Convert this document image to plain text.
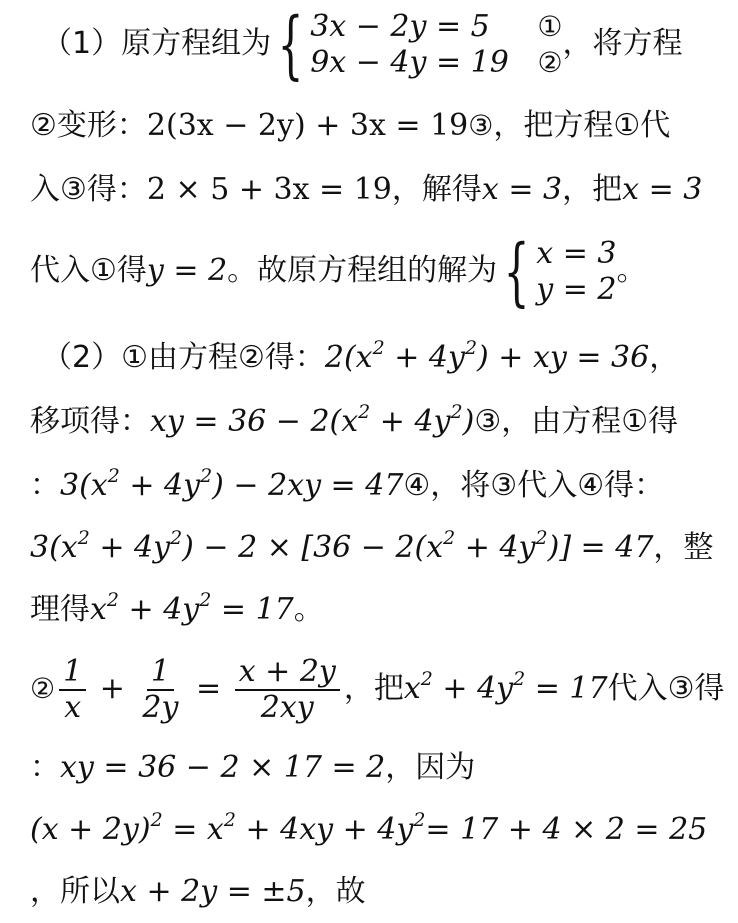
（1）原方程组为 { 3x − 2y = 5 ①
9x − 4y = 19 ②
，将方程
②变形：2(3x − 2y) + 3x = 19③，把方程①代
入③得：2 × 5 + 3x = 19，解得x = 3，把x = 3
代入①得y = 2。故原方程组的解为 { x = 3
y = 2
。
（2）①由方程②得：$2(x^2 + 4y^2)$ + xy = 36，
移项得：xy = $36 - 2(x^2$ + $4y^2)③$，由方程①得
：$3(x^2 + 4y^2) - 2xy$ = 47④，将③代入④得：
$3(x^2 + 4y^2) - 2 \times [36 - 2(x^2 + 4y^2)] = 47$，整
理得$x^2 + 4y^2 = 17$。
② $\frac{1}{x} + \frac{1}{2y} = \frac{x + 2y}{2xy}$ ，把$x^2 + 4y^2 = 17$代入③得
：xy = 36 − 2 × 17 = 2，因为
$(x + 2y)^2 = x^2 + 4xy + 4y^2= 17 + 4 \times 2 = 25$
，所以x + 2y = ±5，故
